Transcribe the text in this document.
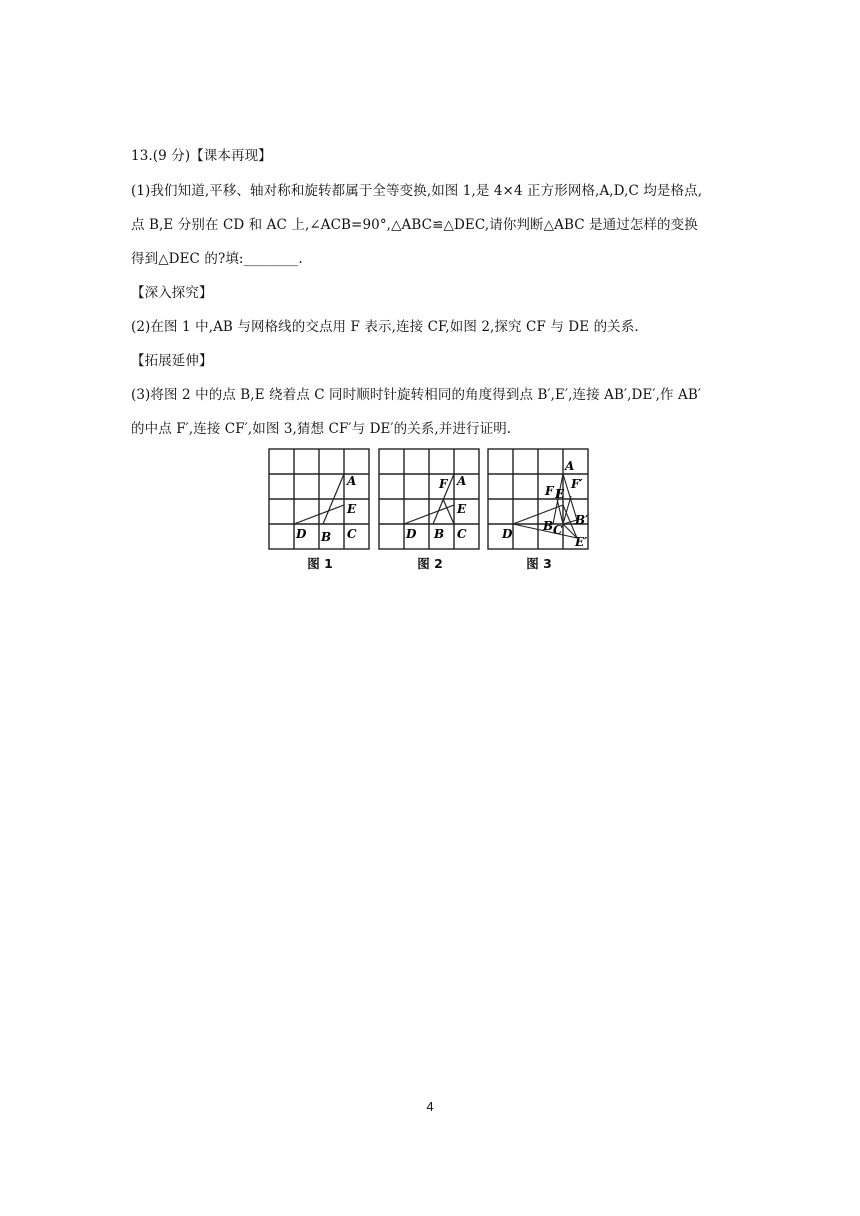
13.(9 分)【课本再现】
(1)我们知道,平移、轴对称和旋转都属于全等变换,如图 1,是 4×4 正方形网格,A,D,C 均是格点,
点 B,E 分别在 CD 和 AC 上,∠ACB=90°,△ABC≌△DEC,请你判断△ABC 是通过怎样的变换
得到△DEC 的?填:________.
【深入探究】
(2)在图 1 中,AB 与网格线的交点用 F 表示,连接 CF,如图 2,探究 CF 与 DE 的关系.
【拓展延伸】
(3)将图 2 中的点 B,E 绕着点 C 同时顺时针旋转相同的角度得到点 B′,E′,连接 AB′,DE′,作 AB′
的中点 F′,连接 CF′,如图 3,猜想 CF′与 DE′的关系,并进行证明.
A
E
D B C
图 1
F A
E
D B C
图 2
A
F′
F E
B C
B′
E′
D
图 3
4
